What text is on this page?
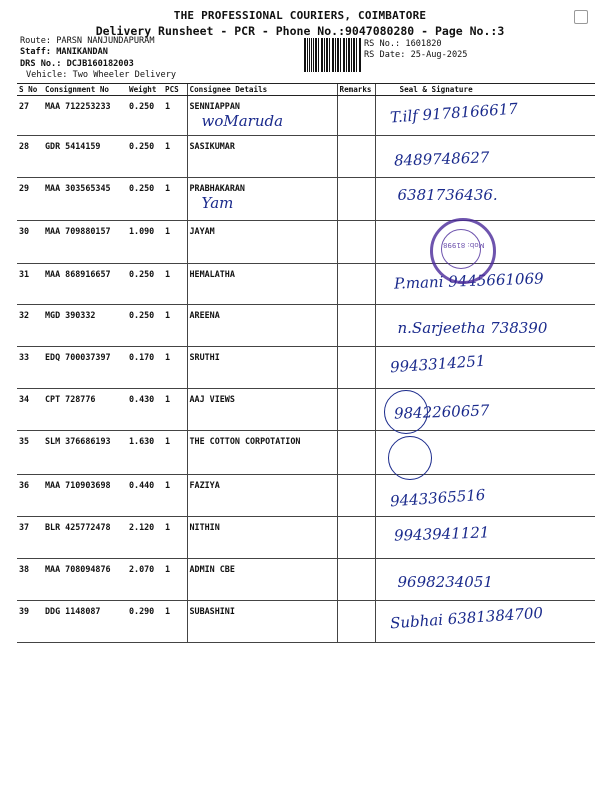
THE PROFESSIONAL COURIERS, COIMBATORE
Delivery Runsheet - PCR - Phone No.:9047080280 - Page No.:3
Route: PARSN NANJUNDAPURAM
Staff: MANIKANDAN
DRS No.: DCJB160182003
Vehicle: Two Wheeler Delivery
RS No.: 1601820
RS Date: 25-Aug-2025
S No	Consignment No	Weight	PCS	Consignee Details	Remarks	Seal & Signature
27	MAA 712253233	0.250	1	SENNIAPPAN
woMaruda		T.ilf 9178166617

28	GDR 5414159	0.250	1	SASIKUMAR		8489748627

29	MAA 303565345	0.250	1	PRABHAKARAN
Yam		6381736436.

30	MAA 709880157	1.090	1	JAYAM		
31	MAA 868916657	0.250	1	HEMALATHA		P.mani 9445661069

32	MGD 390332	0.250	1	AREENA		n.Sarjeetha 738390

33	EDQ 700037397	0.170	1	SRUTHI		9943314251

34	CPT 728776	0.430	1	AAJ VIEWS		9842260657

35	SLM 376686193	1.630	1	THE COTTON CORPOTATION		
36	MAA 710903698	0.440	1	FAZIYA		9443365516

37	BLR 425772478	2.120	1	NITHIN		9943941121

38	MAA 708094876	2.070	1	ADMIN CBE		9698234051

39	DDG 1148087	0.290	1	SUBASHINI		Subhai 6381384700
Mob: 81998
